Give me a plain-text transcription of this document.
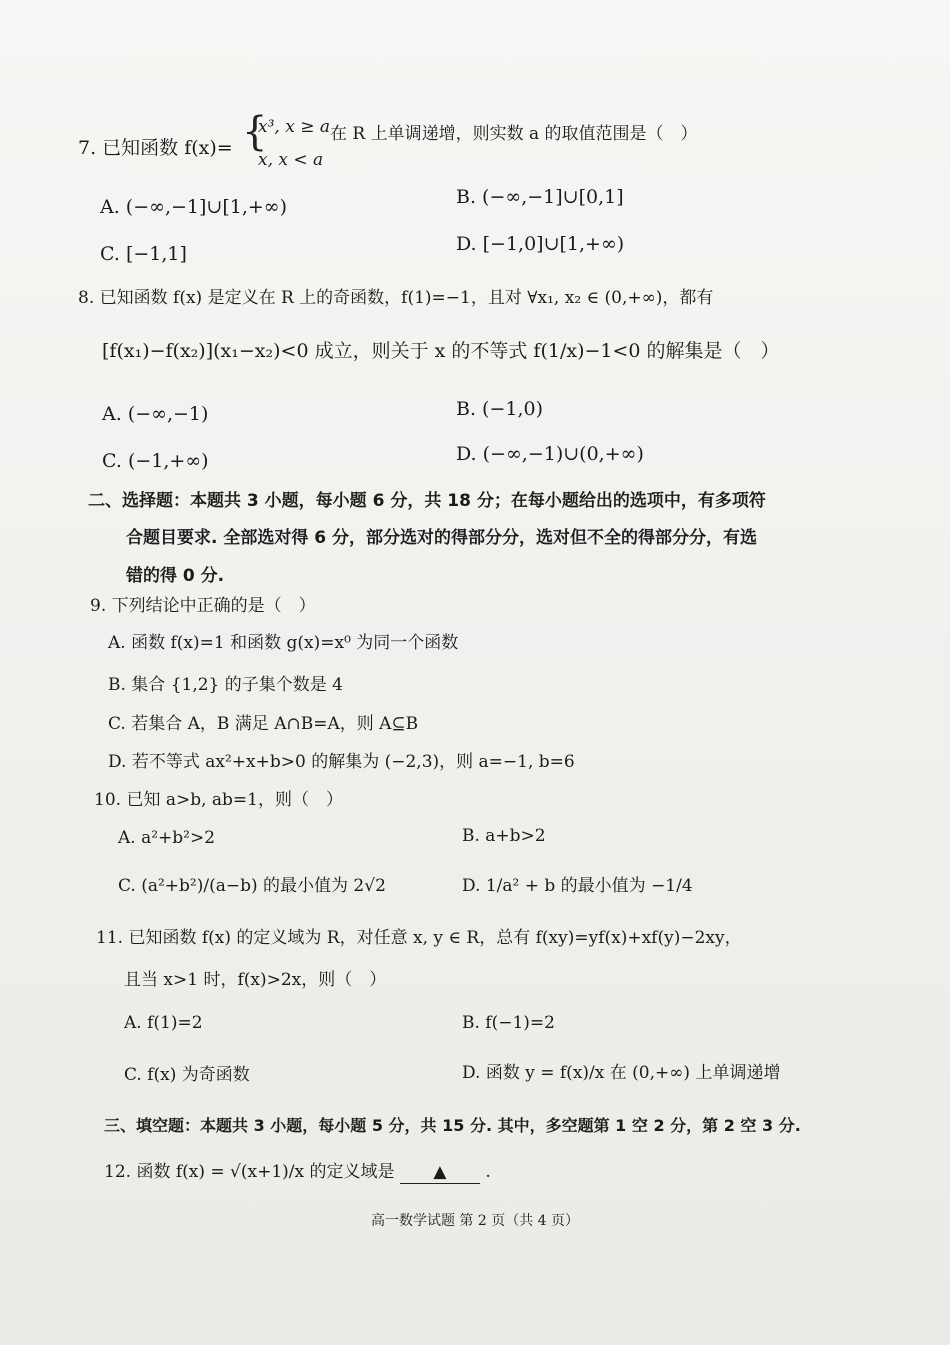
7. 已知函数 f(x)= {
x³, x ≥ a
x, x < a
在 R 上单调递增，则实数 a 的取值范围是（　）
A. (−∞,−1]∪[1,+∞)	B. (−∞,−1]∪[0,1]
C. [−1,1]	D. [−1,0]∪[1,+∞)
8. 已知函数 f(x) 是定义在 R 上的奇函数，f(1)=−1，且对 ∀x₁, x₂ ∈ (0,+∞)，都有
[f(x₁)−f(x₂)](x₁−x₂)<0 成立，则关于 x 的不等式 f(1/x)−1<0 的解集是（　）
A. (−∞,−1)	B. (−1,0)
C. (−1,+∞)	D. (−∞,−1)∪(0,+∞)
二、选择题：本题共 3 小题，每小题 6 分，共 18 分；在每小题给出的选项中，有多项符
合题目要求. 全部选对得 6 分，部分选对的得部分分，选对但不全的得部分分，有选
错的得 0 分.
9. 下列结论中正确的是（　）
A. 函数 f(x)=1 和函数 g(x)=x⁰ 为同一个函数
B. 集合 {1,2} 的子集个数是 4
C. 若集合 A，B 满足 A∩B=A，则 A⊆B
D. 若不等式 ax²+x+b>0 的解集为 (−2,3)，则 a=−1, b=6
10. 已知 a>b, ab=1，则（　）
A. a²+b²>2	B. a+b>2
C. (a²+b²)/(a−b) 的最小值为 2√2	D. 1/a² + b 的最小值为 −1/4
11. 已知函数 f(x) 的定义域为 R，对任意 x, y ∈ R，总有 f(xy)=yf(x)+xf(y)−2xy，
且当 x>1 时，f(x)>2x，则（　）
A. f(1)=2	B. f(−1)=2
C. f(x) 为奇函数	D. 函数 y = f(x)/x 在 (0,+∞) 上单调递增
三、填空题：本题共 3 小题，每小题 5 分，共 15 分. 其中，多空题第 1 空 2 分，第 2 空 3 分.
12. 函数 f(x) = √(x+1)/x 的定义域是 ▲ .
高一数学试题 第 2 页（共 4 页）
